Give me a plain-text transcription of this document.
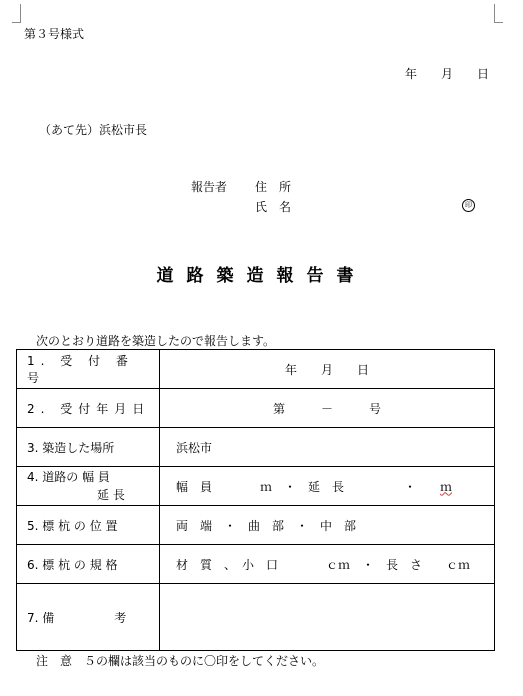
第３号様式
年　　月　　日
（あて先）浜松市長
報告者 住　所
氏　名	印
道路築造報告書
次のとおり道路を築造したので報告します。
1. 受 付 番 号	年　　月　　日
2. 受付年月日	第　　　－　　　号
3. 築造した場所	浜松市

4. 道路の 幅 員
延 長	幅　員　　　　ｍ　・　延　長　　　　　・　　 ｍ
5. 標 杭 の 位 置	両　端　・　曲　部　・　中　部
6. 標 杭 の 規 格	材　質　、　小　口　　　　ｃｍ　・　長　さ　　ｃｍ
7. 備　　　　　考	
注　意　５の欄は該当のものに〇印をしてください。
